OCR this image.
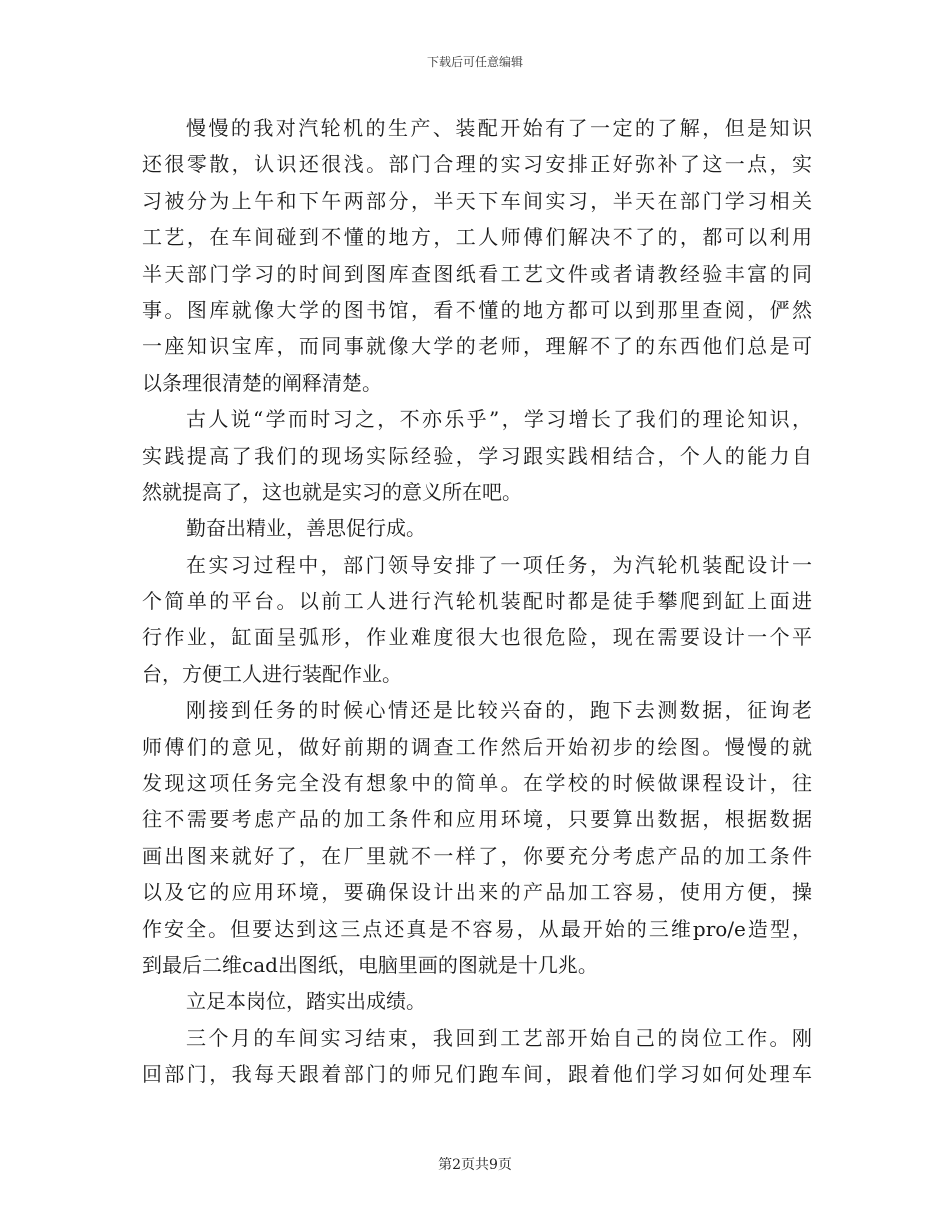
下载后可任意编辑
慢慢的我对汽轮机的生产、装配开始有了一定的了解，但是知识
还很零散，认识还很浅。部门合理的实习安排正好弥补了这一点，实
习被分为上午和下午两部分，半天下车间实习，半天在部门学习相关
工艺，在车间碰到不懂的地方，工人师傅们解决不了的，都可以利用
半天部门学习的时间到图库查图纸看工艺文件或者请教经验丰富的同
事。图库就像大学的图书馆，看不懂的地方都可以到那里查阅，俨然
一座知识宝库，而同事就像大学的老师，理解不了的东西他们总是可
以条理很清楚的阐释清楚。
古人说“学而时习之，不亦乐乎”，学习增长了我们的理论知识，
实践提高了我们的现场实际经验，学习跟实践相结合，个人的能力自
然就提高了，这也就是实习的意义所在吧。
勤奋出精业，善思促行成。
在实习过程中，部门领导安排了一项任务，为汽轮机装配设计一
个简单的平台。以前工人进行汽轮机装配时都是徒手攀爬到缸上面进
行作业，缸面呈弧形，作业难度很大也很危险，现在需要设计一个平
台，方便工人进行装配作业。
刚接到任务的时候心情还是比较兴奋的，跑下去测数据，征询老
师傅们的意见，做好前期的调查工作然后开始初步的绘图。慢慢的就
发现这项任务完全没有想象中的简单。在学校的时候做课程设计，往
往不需要考虑产品的加工条件和应用环境，只要算出数据，根据数据
画出图来就好了，在厂里就不一样了，你要充分考虑产品的加工条件
以及它的应用环境，要确保设计出来的产品加工容易，使用方便，操
作安全。但要达到这三点还真是不容易，从最开始的三维pro/e造型，
到最后二维cad出图纸，电脑里画的图就是十几兆。
立足本岗位，踏实出成绩。
三个月的车间实习结束，我回到工艺部开始自己的岗位工作。刚
回部门，我每天跟着部门的师兄们跑车间，跟着他们学习如何处理车
第2页共9页
